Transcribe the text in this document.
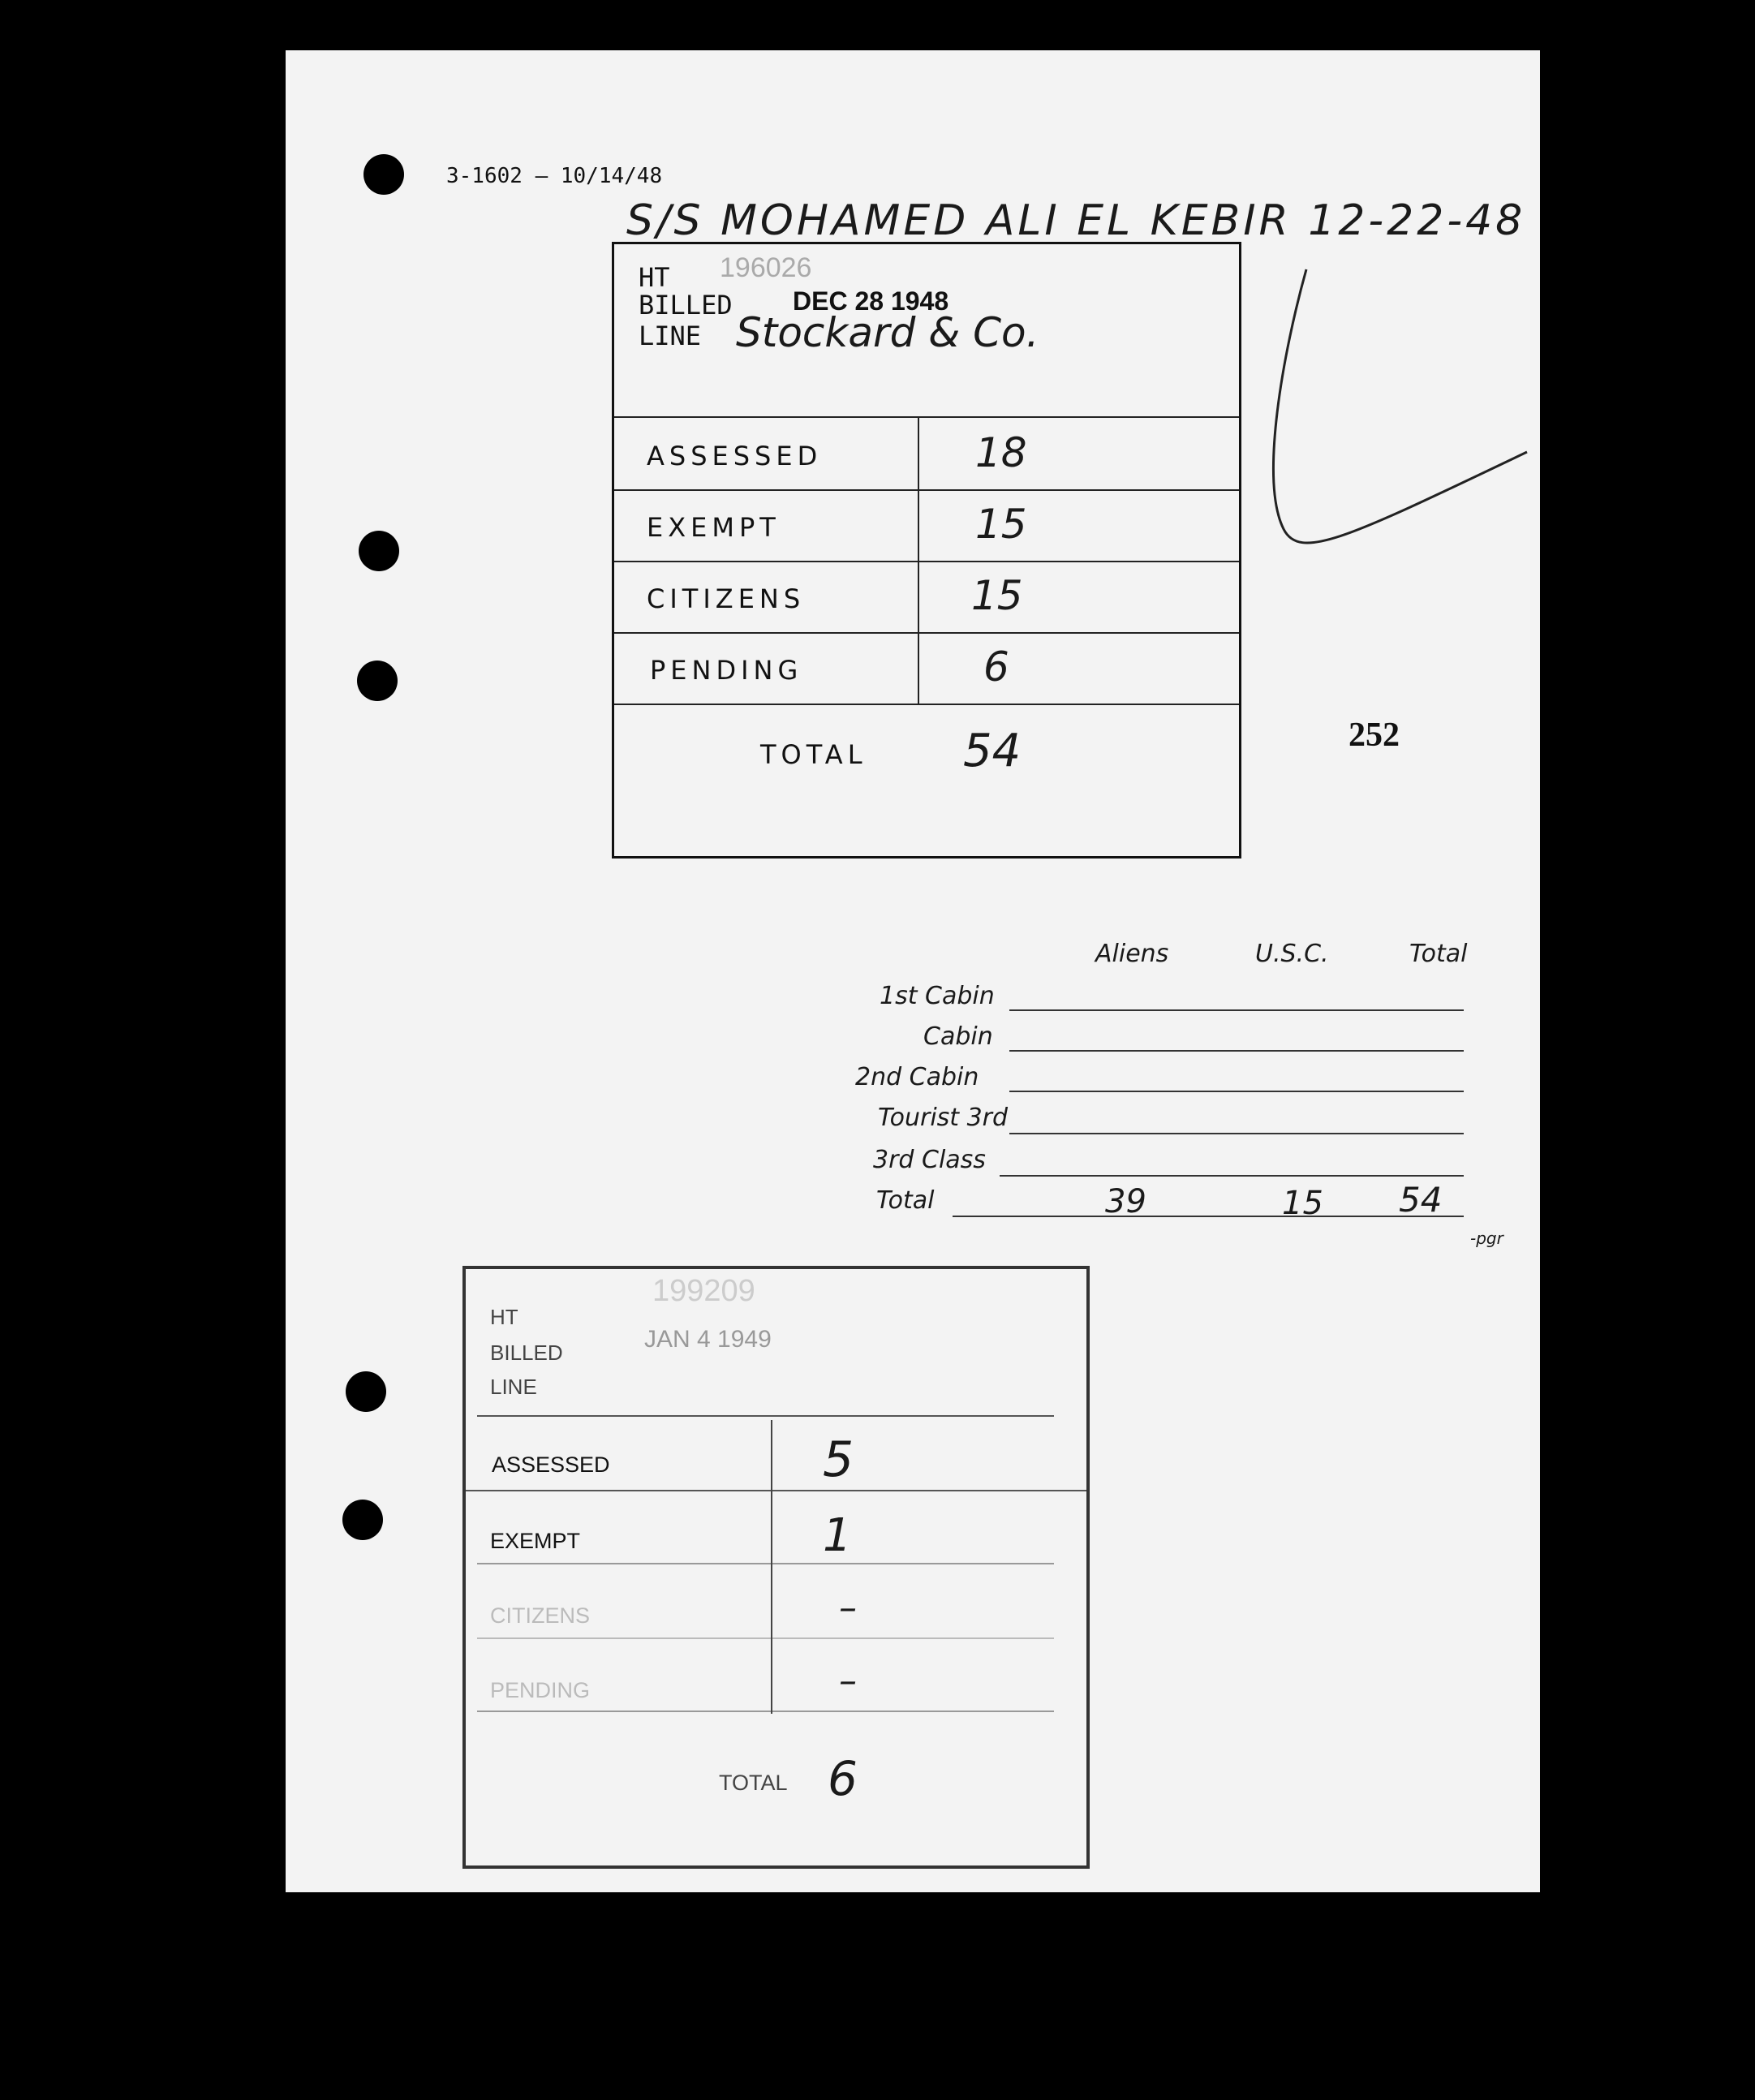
3-1602 — 10/14/48
S/S MOHAMED ALI EL KEBIR 12-22-48
252
HT 196026
BILLED DEC 28 1948
LINE Stockard & Co.
ASSESSED	18
EXEMPT	15
CITIZENS	15
PENDING	6
TOTAL 54
Aliens	U.S.C.	Total
1st Cabin
Cabin
2nd Cabin
Tourist 3rd
3rd Class
Total	39	15 54
-pgr
HT
199209
BILLED	JAN 4 1949
LINE
ASSESSED	5
EXEMPT	1
CITIZENS	–
PENDING	–
TOTAL 6
